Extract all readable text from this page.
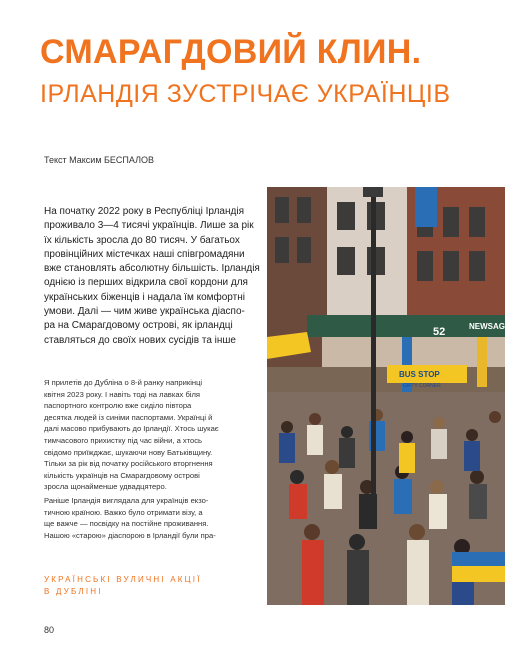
СМАРАГДОВИЙ КЛИН.
ІРЛАНДІЯ ЗУСТРІЧАЄ УКРАЇНЦІВ
Текст Максим БЕСПАЛОВ
На початку 2022 року в Республіці Ірландія
проживало 3—4 тисячі українців. Лише за рік
їх кількість зросла до 80 тисяч. У багатьох
провінційних містечках наші співгромадяни
вже становлять абсолютну більшість. Ірландія
однією із перших відкрила свої кордони для
українських біженців і надала їм комфортні
умови. Далі — чим живе українська діаспо-
ра на Смарагдовому острові, як ірландці
ставляться до своїх нових сусідів та інше
Я прилетів до Дубліна о 8-й ранку наприкінці
квітня 2023 року. І навіть тоді на лавках біля
паспортного контролю вже сиділо півтора
десятка людей із синіми паспортами. Українці й
далі масово прибувають до Ірландії. Хтось шукає
тимчасового прихистку під час війни, а хтось
свідомо приїжджає, шукаючи нову Батьківщину.
Тільки за рік від початку російського вторгнення
кількість українців на Смарагдовому острові
зросла щонайменше удвадцятеро.
Раніше Ірландія виглядала для українців екзо-
тичною країною. Важко було отримати візу, а
ще важче — посвідку на постійне проживання.
Нашою «старою» діаспорою в Ірландії були пра-
УКРАЇНСЬКІ ВУЛИЧНІ АКЦІЇ
В ДУБЛІНІ
80
52	NEWSAG
BUS STOP
GIFTY CORNER
